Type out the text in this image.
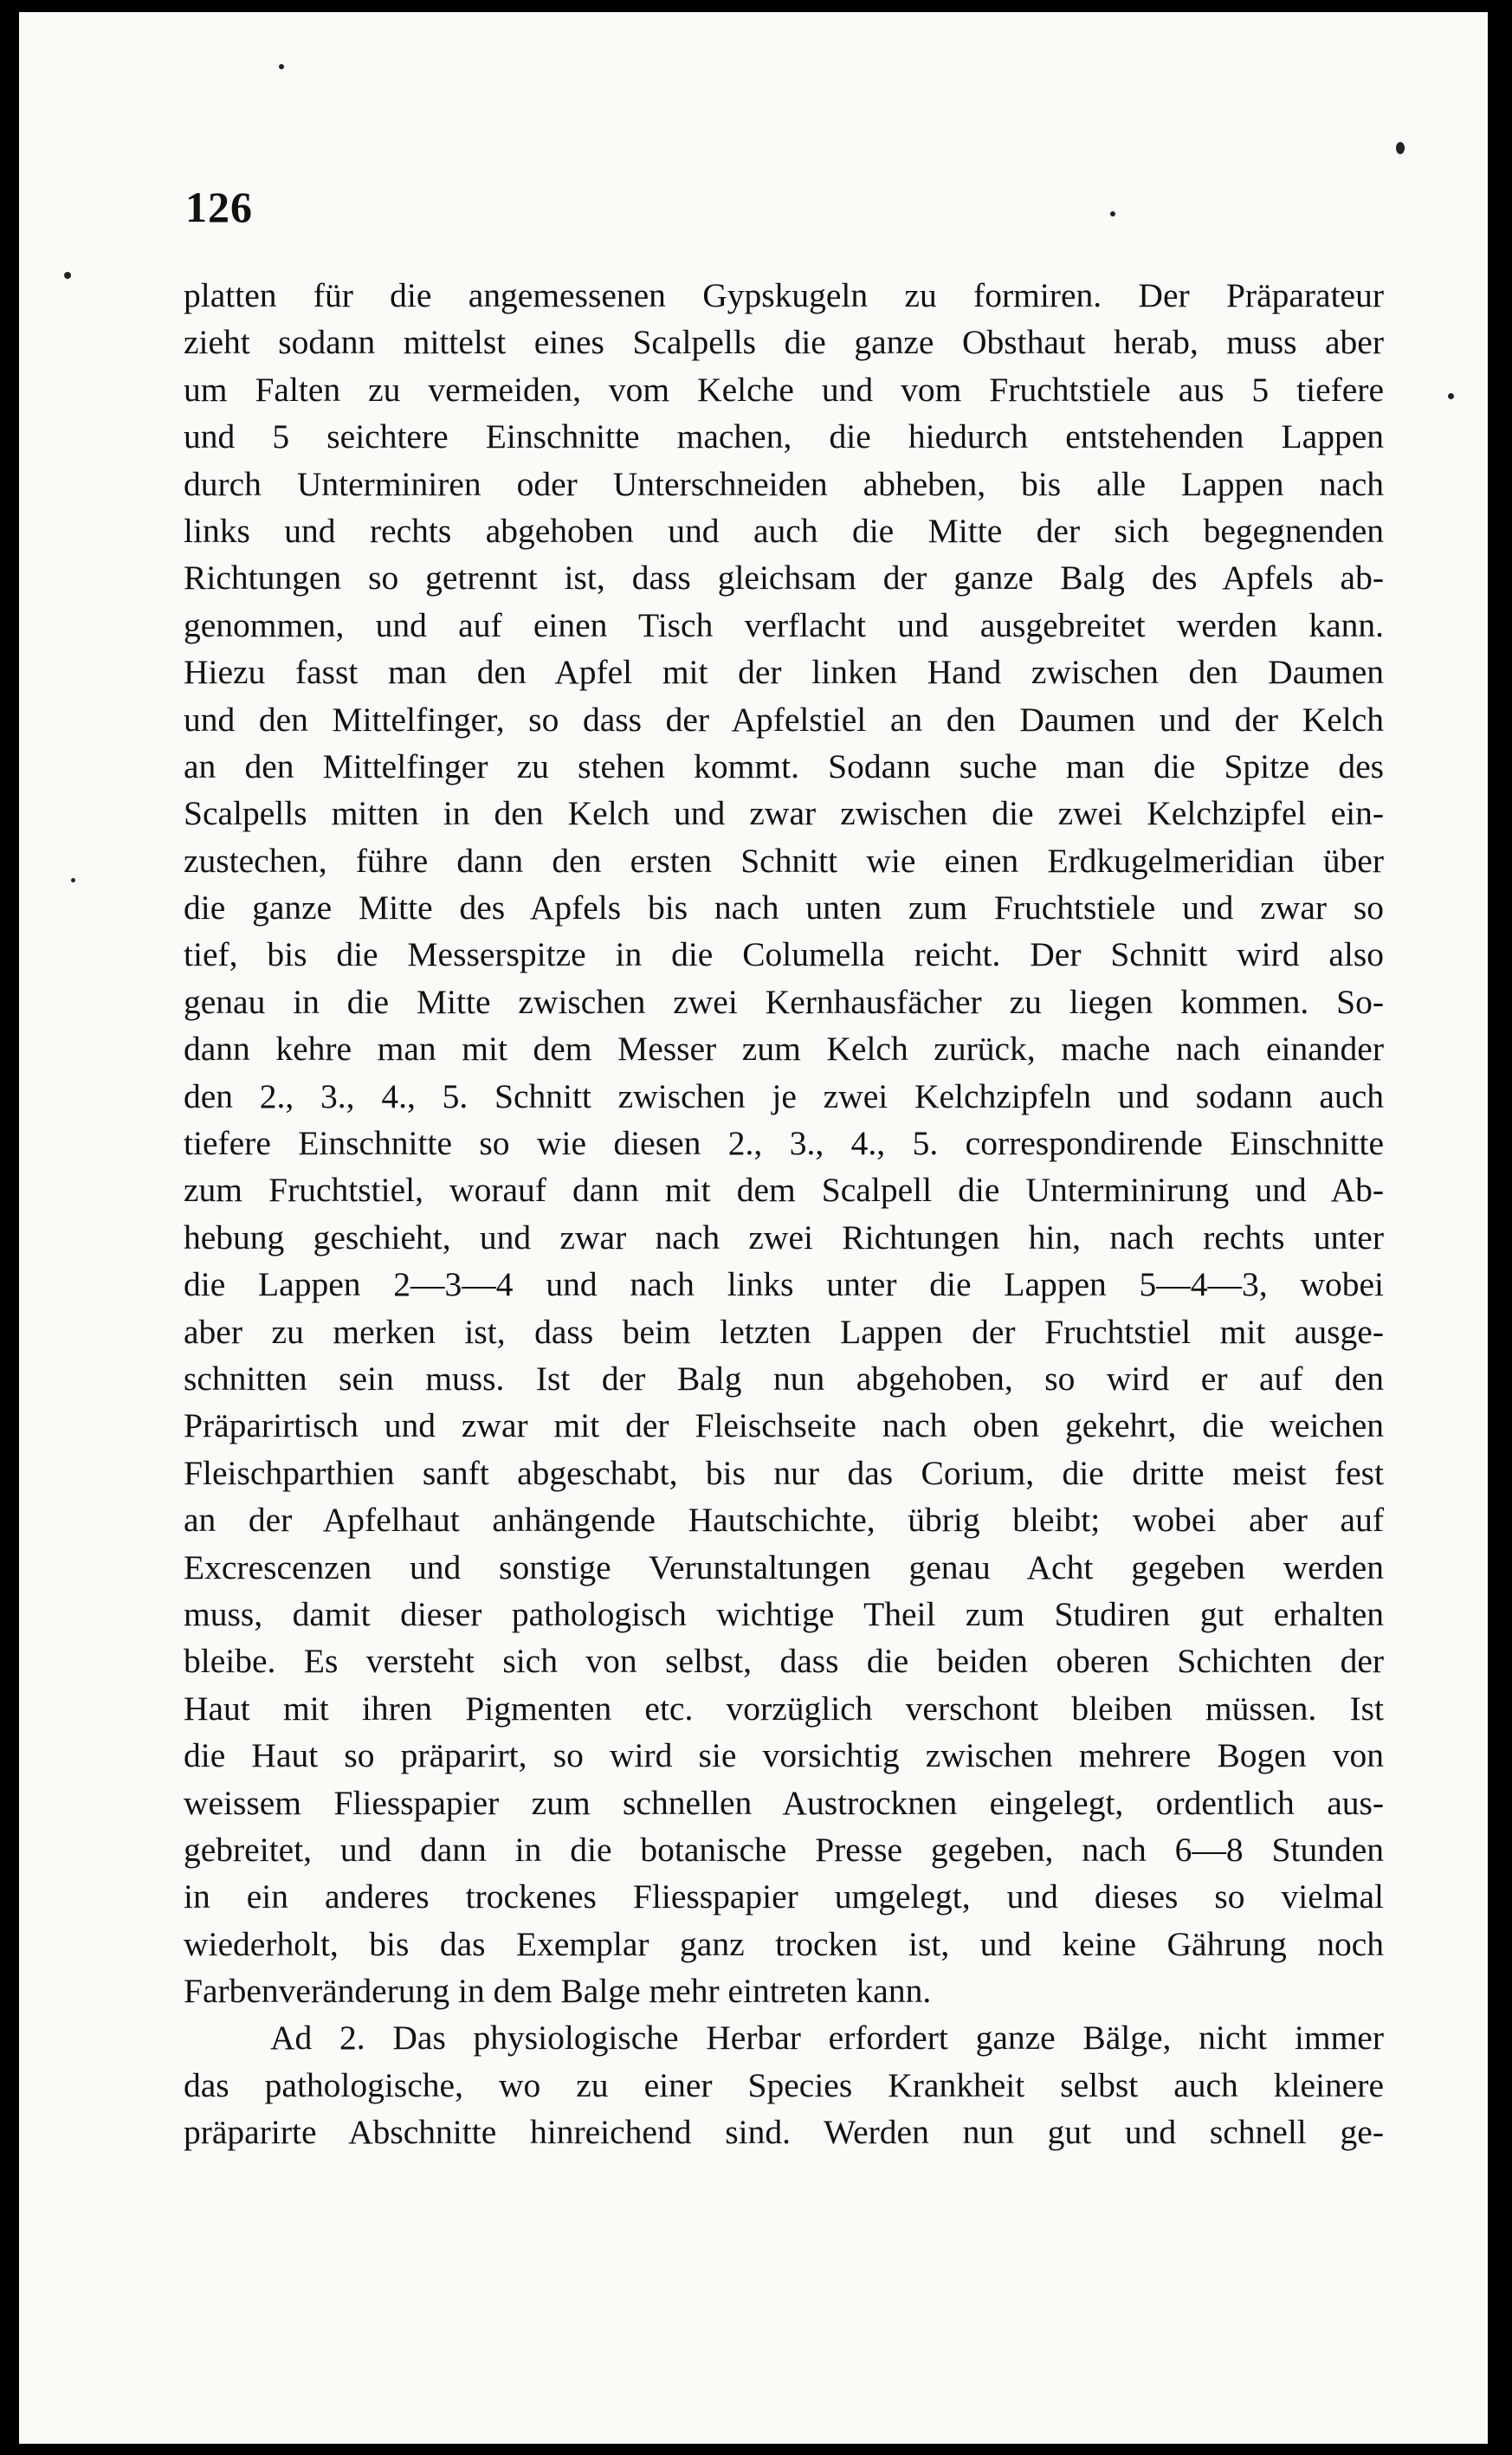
126
platten für die angemessenen Gypskugeln zu formiren. Der Präparateur
zieht sodann mittelst eines Scalpells die ganze Obsthaut herab, muss aber
um Falten zu vermeiden, vom Kelche und vom Fruchtstiele aus 5 tiefere
und 5 seichtere Einschnitte machen, die hiedurch entstehenden Lappen
durch Unterminiren oder Unterschneiden abheben, bis alle Lappen nach
links und rechts abgehoben und auch die Mitte der sich begegnenden
Richtungen so getrennt ist, dass gleichsam der ganze Balg des Apfels ab-
genommen, und auf einen Tisch verflacht und ausgebreitet werden kann.
Hiezu fasst man den Apfel mit der linken Hand zwischen den Daumen
und den Mittelfinger, so dass der Apfelstiel an den Daumen und der Kelch
an den Mittelfinger zu stehen kommt. Sodann suche man die Spitze des
Scalpells mitten in den Kelch und zwar zwischen die zwei Kelchzipfel ein-
zustechen, führe dann den ersten Schnitt wie einen Erdkugelmeridian über
die ganze Mitte des Apfels bis nach unten zum Fruchtstiele und zwar so
tief, bis die Messerspitze in die Columella reicht. Der Schnitt wird also
genau in die Mitte zwischen zwei Kernhausfächer zu liegen kommen. So-
dann kehre man mit dem Messer zum Kelch zurück, mache nach einander
den 2., 3., 4., 5. Schnitt zwischen je zwei Kelchzipfeln und sodann auch
tiefere Einschnitte so wie diesen 2., 3., 4., 5. correspondirende Einschnitte
zum Fruchtstiel, worauf dann mit dem Scalpell die Unterminirung und Ab-
hebung geschieht, und zwar nach zwei Richtungen hin, nach rechts unter
die Lappen 2—3—4 und nach links unter die Lappen 5—4—3, wobei
aber zu merken ist, dass beim letzten Lappen der Fruchtstiel mit ausge-
schnitten sein muss. Ist der Balg nun abgehoben, so wird er auf den
Präparirtisch und zwar mit der Fleischseite nach oben gekehrt, die weichen
Fleischparthien sanft abgeschabt, bis nur das Corium, die dritte meist fest
an der Apfelhaut anhängende Hautschichte, übrig bleibt; wobei aber auf
Excrescenzen und sonstige Verunstaltungen genau Acht gegeben werden
muss, damit dieser pathologisch wichtige Theil zum Studiren gut erhalten
bleibe. Es versteht sich von selbst, dass die beiden oberen Schichten der
Haut mit ihren Pigmenten etc. vorzüglich verschont bleiben müssen. Ist
die Haut so präparirt, so wird sie vorsichtig zwischen mehrere Bogen von
weissem Fliesspapier zum schnellen Austrocknen eingelegt, ordentlich aus-
gebreitet, und dann in die botanische Presse gegeben, nach 6—8 Stunden
in ein anderes trockenes Fliesspapier umgelegt, und dieses so vielmal
wiederholt, bis das Exemplar ganz trocken ist, und keine Gährung noch
Farbenveränderung in dem Balge mehr eintreten kann.
Ad 2. Das physiologische Herbar erfordert ganze Bälge, nicht immer
das pathologische, wo zu einer Species Krankheit selbst auch kleinere
präparirte Abschnitte hinreichend sind. Werden nun gut und schnell ge-
